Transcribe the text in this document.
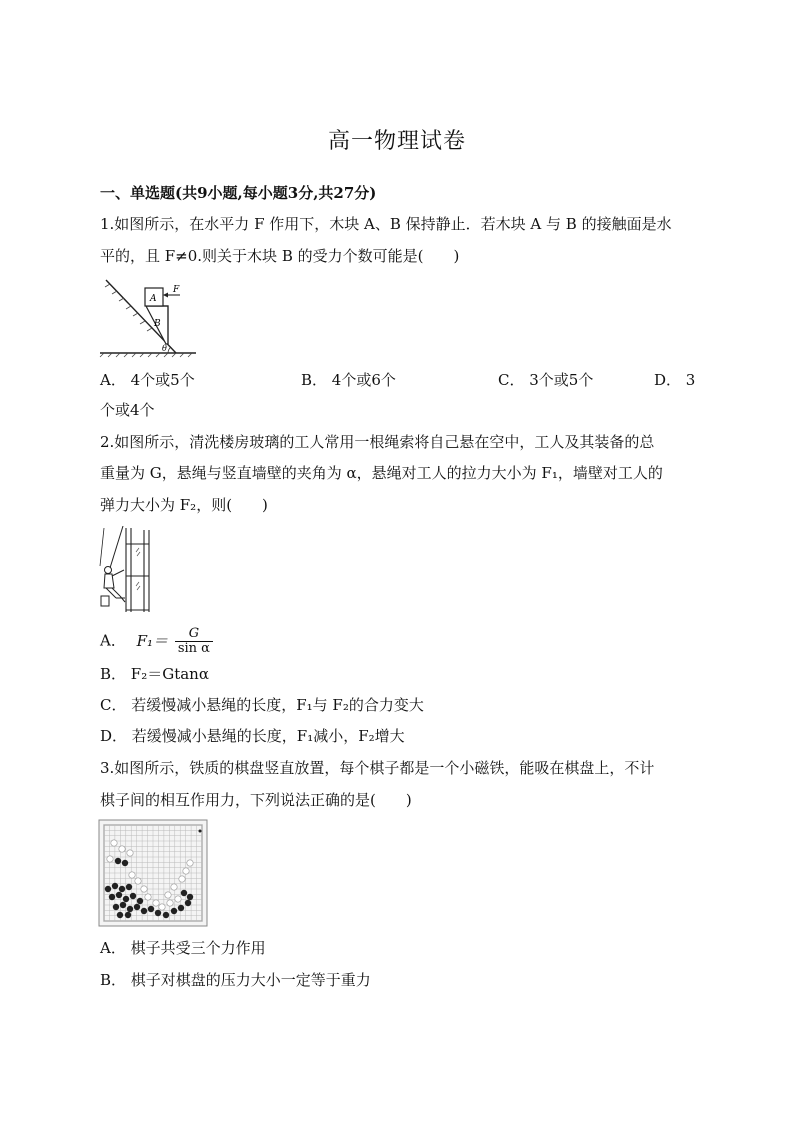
高一物理试卷
一、单选题(共9小题,每小题3分,共27分)
1.如图所示，在水平力 F 作用下，木块 A、B 保持静止．若木块 A 与 B 的接触面是水
平的，且 F≠0.则关于木块 B 的受力个数可能是(　　)
A
B
F
θ
A． 4个或5个	B． 4个或6个	C． 3个或5个	D． 3
个或4个
2.如图所示，清洗楼房玻璃的工人常用一根绳索将自己悬在空中，工人及其装备的总
重量为 G，悬绳与竖直墙壁的夹角为 α，悬绳对工人的拉力大小为 F₁，墙壁对工人的
弹力大小为 F₂，则(　　)
A． $F_1= \frac{G}{\text{sin α}}$
B． F₂＝Gtanα
C． 若缓慢减小悬绳的长度，F₁与 F₂的合力变大
D． 若缓慢减小悬绳的长度，F₁减小，F₂增大
3.如图所示，铁质的棋盘竖直放置，每个棋子都是一个小磁铁，能吸在棋盘上，不计
棋子间的相互作用力，下列说法正确的是(　　)
A． 棋子共受三个力作用
B． 棋子对棋盘的压力大小一定等于重力
